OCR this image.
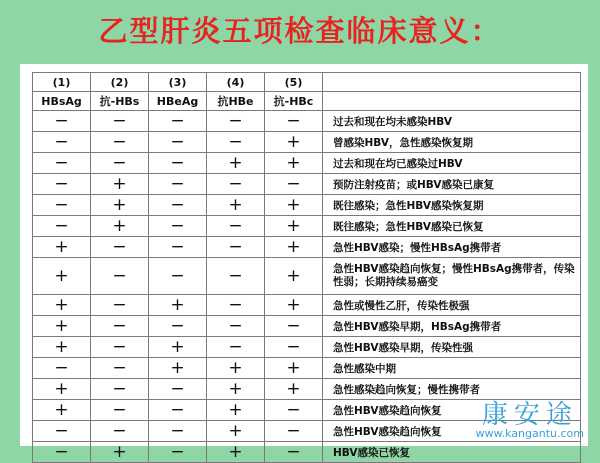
乙型肝炎五项检查临床意义：
(1)	(2)	(3)	(4)	(5)	
HBsAg	抗-HBs	HBeAg	抗HBe	抗-HBc	
−	−	−	−	−	过去和现在均未感染HBV
−	−	−	−	+	曾感染HBV，急性感染恢复期
−	−	−	+	+	过去和现在均已感染过HBV
−	+	−	−	−	预防注射疫苗；或HBV感染已康复
−	+	−	+	+	既往感染；急性HBV感染恢复期
−	+	−	−	+	既往感染；急性HBV感染已恢复
+	−	−	−	+	急性HBV感染；慢性HBsAg携带者
+	−	−	−	+	急性HBV感染趋向恢复；慢性HBsAg携带者，传染性弱；长期持续易癌变
+	−	+	−	+	急性或慢性乙肝，传染性极强
+	−	−	−	−	急性HBV感染早期，HBsAg携带者
+	−	+	−	−	急性HBV感染早期，传染性强
−	−	+	+	+	急性感染中期
+	−	−	+	+	急性感染趋向恢复；慢性携带者
+	−	−	+	−	急性HBV感染趋向恢复
−	−	−	+	−	急性HBV感染趋向恢复
−	+	−	+	−	HBV感染已恢复
康安途
www.kangantu.com
